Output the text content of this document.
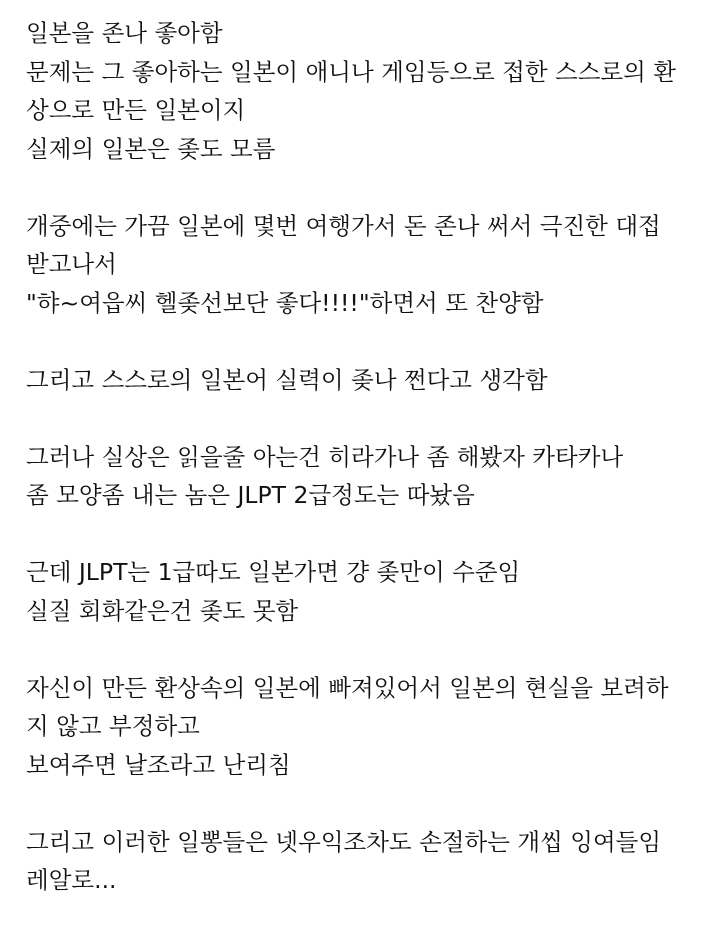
일본을 존나 좋아함
문제는 그 좋아하는 일본이 애니나 게임등으로 접한 스스로의 환
상으로 만든 일본이지
실제의 일본은 좆도 모름
개중에는 가끔 일본에 몇번 여행가서 돈 존나 써서 극진한 대접
받고나서
"햐~여읍씨 헬좆선보단 좋다!!!!"하면서 또 찬양함
그리고 스스로의 일본어 실력이 좆나 쩐다고 생각함
그러나 실상은 읽을줄 아는건 히라가나 좀 해봤자 카타카나
좀 모양좀 내는 놈은 JLPT 2급정도는 따놨음
근데 JLPT는 1급따도 일본가면 걍 좆만이 수준임
실질 회화같은건 좆도 못함
자신이 만든 환상속의 일본에 빠져있어서 일본의 현실을 보려하
지 않고 부정하고
보여주면 날조라고 난리침
그리고 이러한 일뽕들은 넷우익조차도 손절하는 개씹 잉여들임
레알로...
